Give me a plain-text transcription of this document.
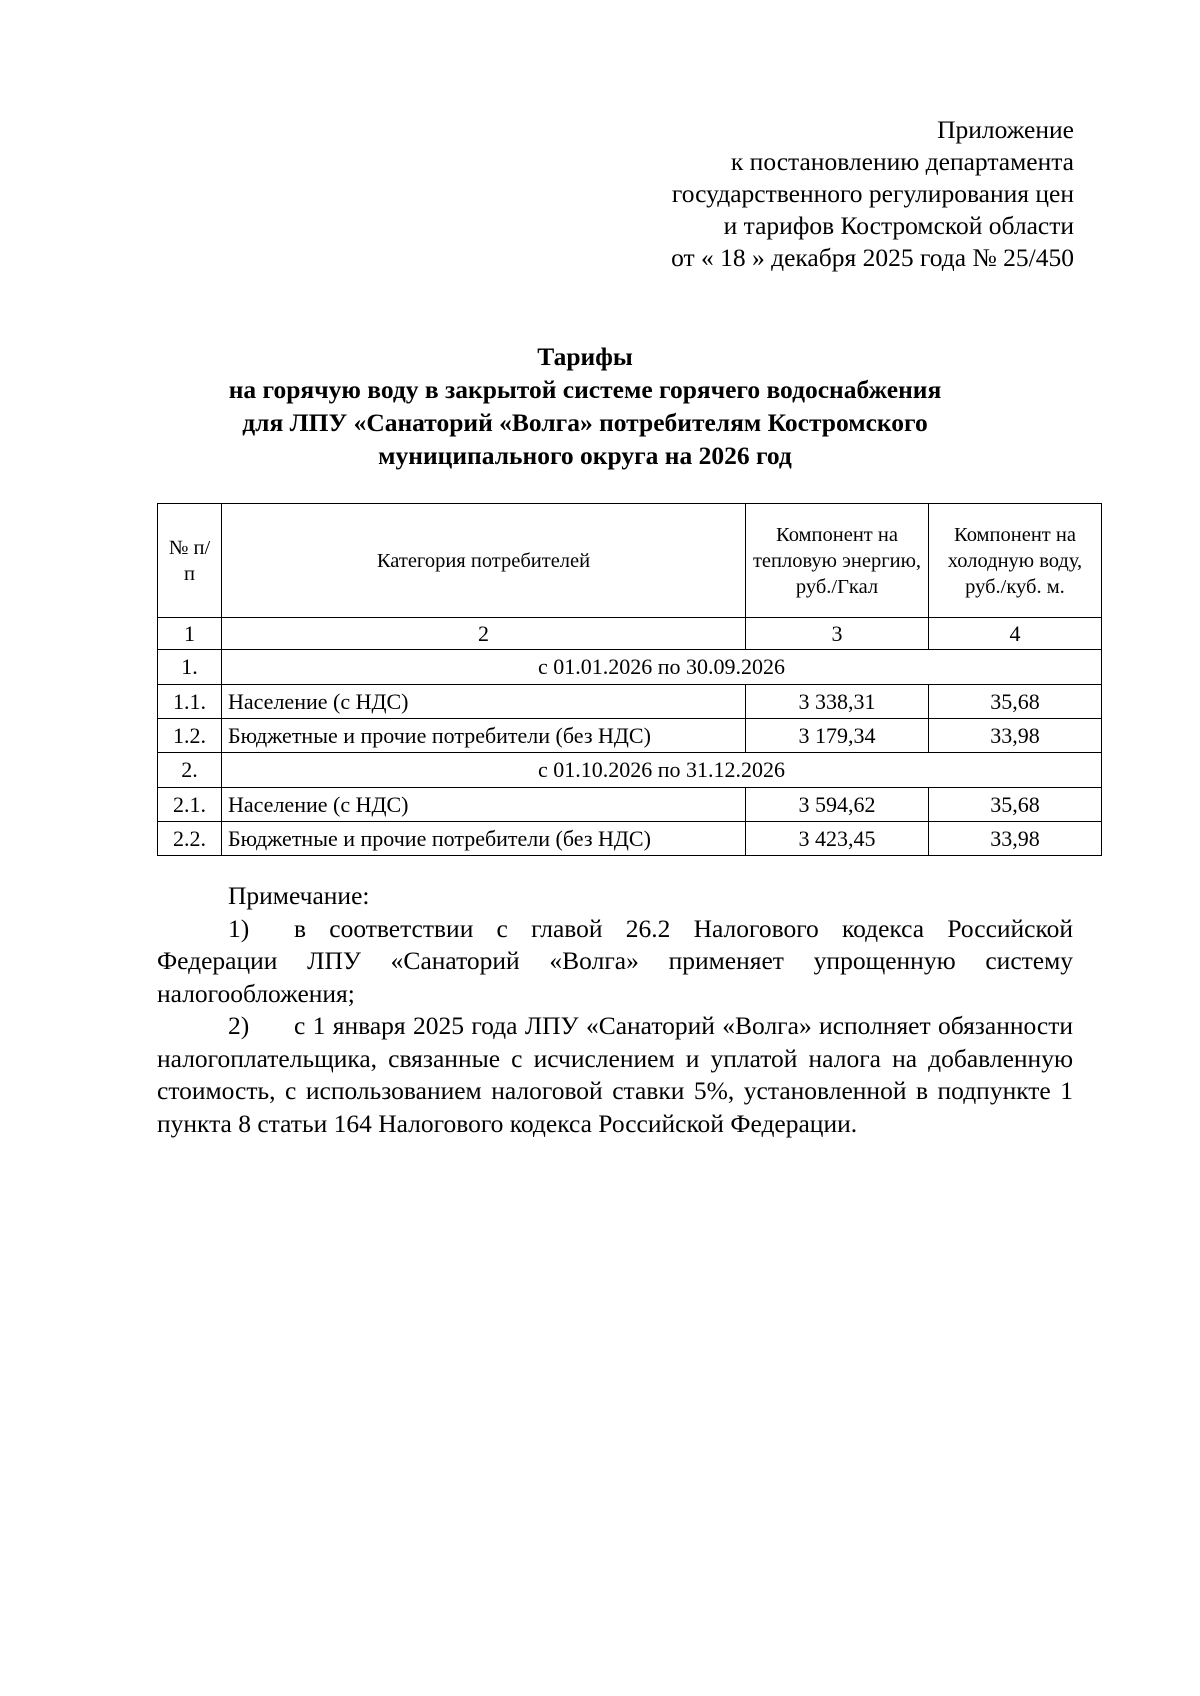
Приложение
к постановлению департамента
государственного регулирования цен
и тарифов Костромской области
от « 18 » декабря 2025 года № 25/450
Тарифы
на горячую воду в закрытой системе горячего водоснабжения
для ЛПУ «Санаторий «Волга» потребителям Костромского
муниципального округа на 2026 год
№ п/п	Категория потребителей	Компонент на тепловую энергию, руб./Гкал	Компонент на холодную воду, руб./куб. м.
1	2	3	4
1.	с 01.01.2026 по 30.09.2026		
1.1.	Население (с НДС)	3 338,31	35,68
1.2.	Бюджетные и прочие потребители (без НДС)	3 179,34	33,98
2.	с 01.10.2026 по 31.12.2026		
2.1.	Население (с НДС)	3 594,62	35,68
2.2.	Бюджетные и прочие потребители (без НДС)	3 423,45	33,98

Примечание:

1) в соответствии с главой 26.2 Налогового кодекса Российской Федерации ЛПУ «Санаторий «Волга» применяет упрощенную систему налогообложения;

2) с 1 января 2025 года ЛПУ «Санаторий «Волга» исполняет обязанности налогоплательщика, связанные с исчислением и уплатой налога на добавленную стоимость, с использованием налоговой ставки 5%, установленной в подпункте 1 пункта 8 статьи 164 Налогового кодекса Российской Федерации.
